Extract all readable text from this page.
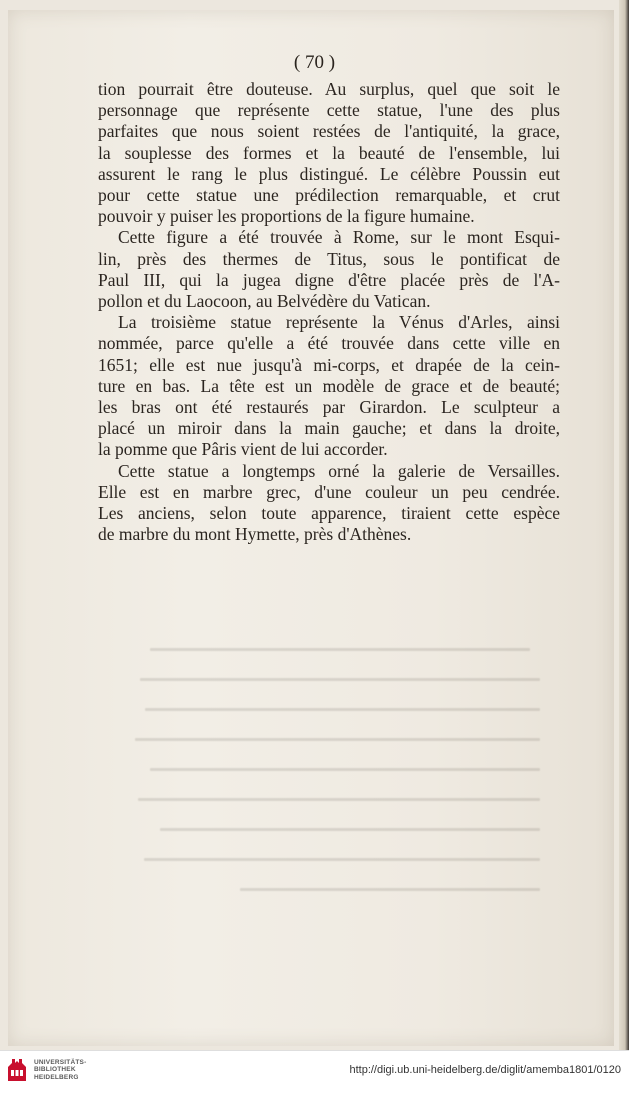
( 70 )

tion pourrait être douteuse. Au surplus, quel que soit le
personnage que représente cette statue, l'une des plus
parfaites que nous soient restées de l'antiquité, la grace,
la souplesse des formes et la beauté de l'ensemble, lui
assurent le rang le plus distingué. Le célèbre Poussin eut
pour cette statue une prédilection remarquable, et crut
pouvoir y puiser les proportions de la figure humaine.

Cette figure a été trouvée à Rome, sur le mont Esqui-
lin, près des thermes de Titus, sous le pontificat de
Paul III, qui la jugea digne d'être placée près de l'A-
pollon et du Laocoon, au Belvédère du Vatican.

La troisième statue représente la Vénus d'Arles, ainsi
nommée, parce qu'elle a été trouvée dans cette ville en
1651; elle est nue jusqu'à mi-corps, et drapée de la cein-
ture en bas. La tête est un modèle de grace et de beauté;
les bras ont été restaurés par Girardon. Le sculpteur a
placé un miroir dans la main gauche; et dans la droite,
la pomme que Pâris vient de lui accorder.

Cette statue a longtemps orné la galerie de Versailles.
Elle est en marbre grec, d'une couleur un peu cendrée.
Les anciens, selon toute apparence, tiraient cette espèce
de marbre du mont Hymette, près d'Athènes.

UNIVERSITÄTS-
BIBLIOTHEK
HEIDELBERG
http://digi.ub.uni-heidelberg.de/diglit/amemba1801/0120
